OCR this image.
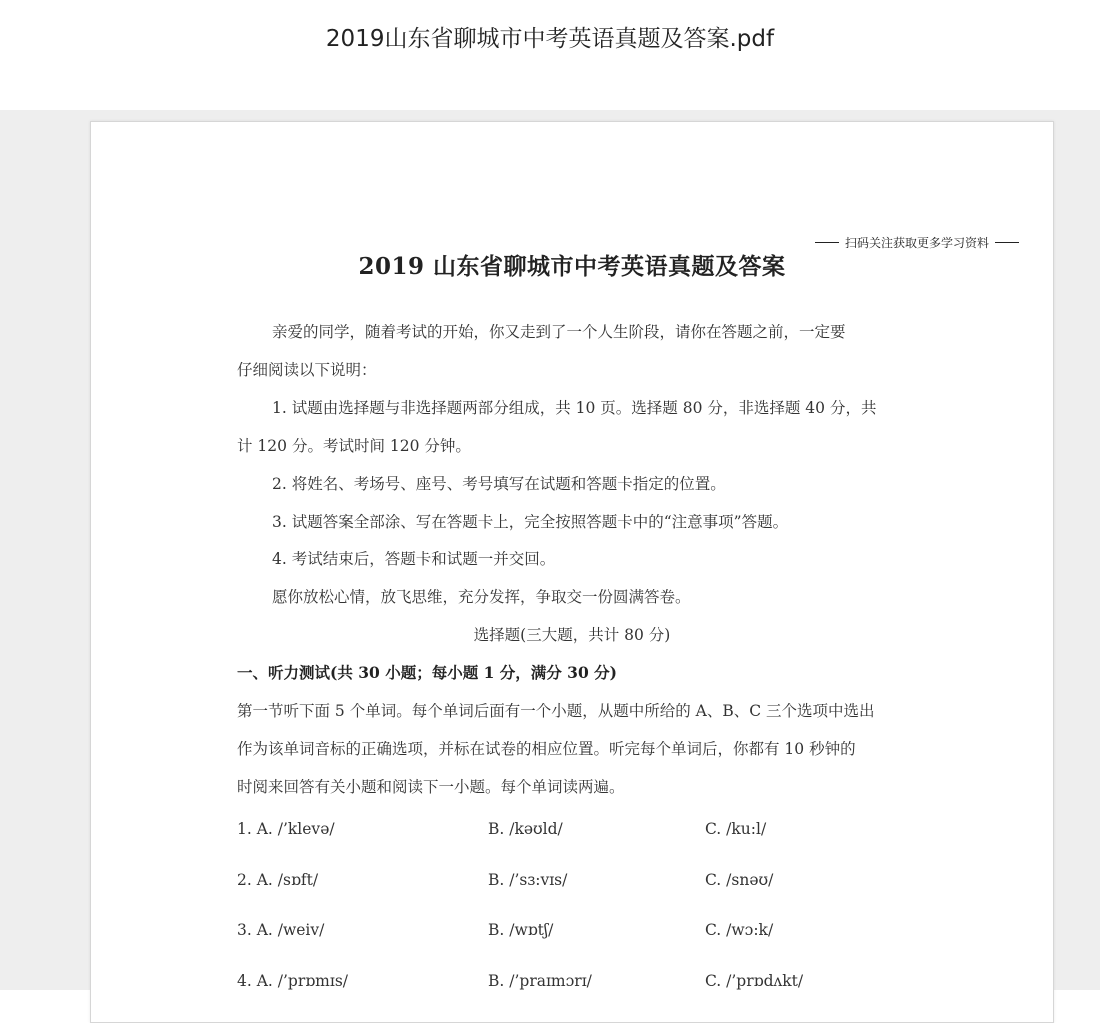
2019山东省聊城市中考英语真题及答案.pdf
扫码关注获取更多学习资料
2019 山东省聊城市中考英语真题及答案
亲爱的同学，随着考试的开始，你又走到了一个人生阶段，请你在答题之前，一定要
仔细阅读以下说明：
1. 试题由选择题与非选择题两部分组成，共 10 页。选择题 80 分，非选择题 40 分，共
计 120 分。考试时间 120 分钟。
2. 将姓名、考场号、座号、考号填写在试题和答题卡指定的位置。
3. 试题答案全部涂、写在答题卡上，完全按照答题卡中的“注意事项”答题。
4. 考试结束后，答题卡和试题一并交回。
愿你放松心情，放飞思维，充分发挥，争取交一份圆满答卷。
选择题(三大题，共计 80 分)
一、听力测试(共 30 小题；每小题 1 分，满分 30 分)
第一节听下面 5 个单词。每个单词后面有一个小题，从题中所给的 A、B、C 三个选项中选出
作为该单词音标的正确选项，并标在试卷的相应位置。听完每个单词后，你都有 10 秒钟的
时阅来回答有关小题和阅读下一小题。每个单词读两遍。
1. A. /’klevə/	B. /kəʊld/	C. /ku:l/
2. A. /sɒft/	B. /’sɜ:vɪs/	C. /snəʊ/
3. A. /weiv/	B. /wɒtʃ/	C. /wɔ:k/
4. A. /’prɒmɪs/	B. /’praɪmɔrɪ/	C. /’prɒdʌkt/
